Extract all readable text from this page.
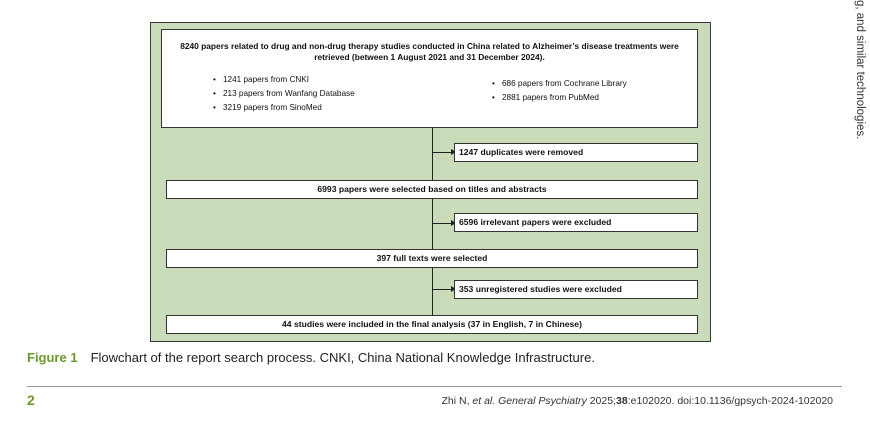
8240 papers related to drug and non-drug therapy studies conducted in China related to Alzheimer’s disease treatments were retrieved (between 1 August 2021 and 31 December 2024).
• 1241 papers from CNKI
• 213 papers from Wanfang Database
• 3219 papers from SinoMed
• 686 papers from Cochrane Library
• 2881 papers from PubMed
1247 duplicates were removed
6993 papers were selected based on titles and abstracts
6596 irrelevant papers were excluded
397 full texts were selected
353 unregistered studies were excluded
44 studies were included in the final analysis (37 in English, 7 in Chinese)
Figure 1 Flowchart of the report search process. CNKI, China National Knowledge Infrastructure.
2	Zhi N, et al. General Psychiatry 2025;38:e102020. doi:10.1136/gpsych-2024-102020
g, and similar technologies.
